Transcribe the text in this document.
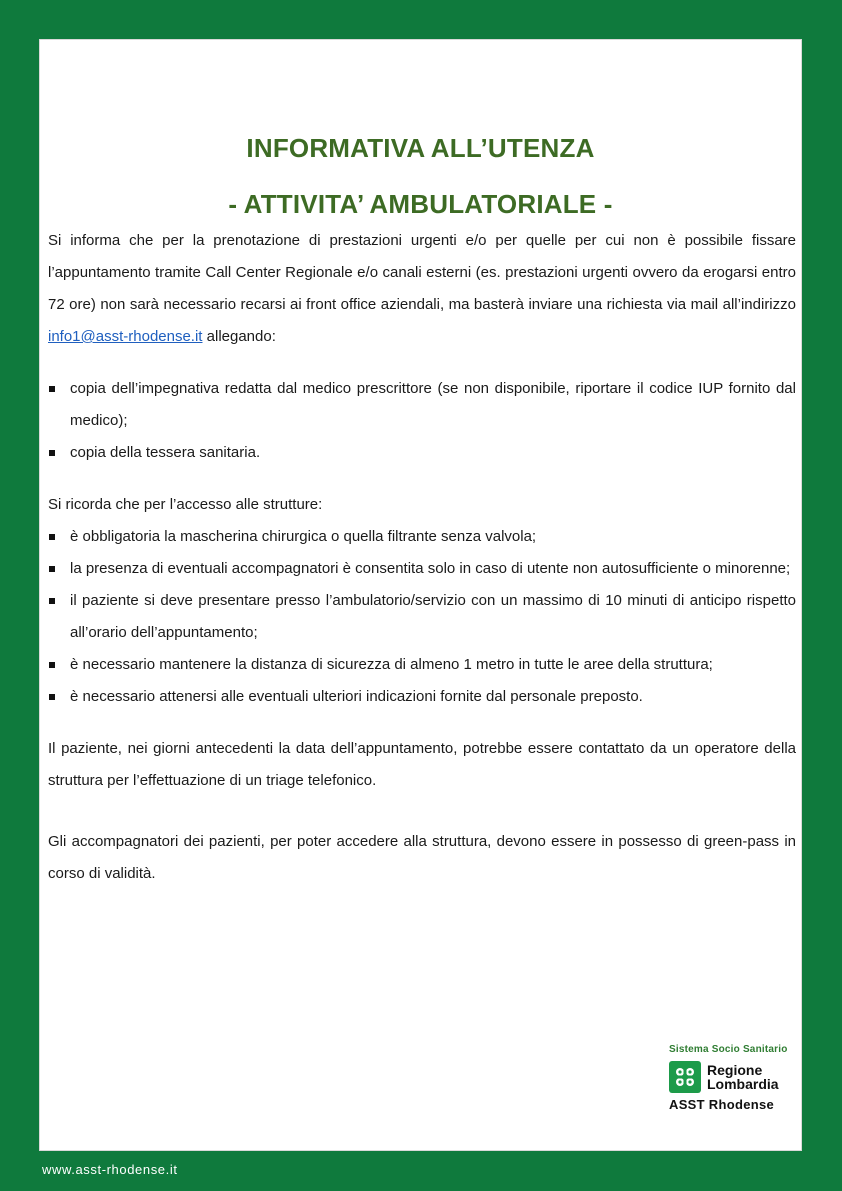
INFORMATIVA ALL’UTENZA
- ATTIVITA’ AMBULATORIALE -

Si informa che per la prenotazione di prestazioni urgenti e/o per quelle per cui non è possibile fissare l’appuntamento tramite Call Center Regionale e/o canali esterni (es. prestazioni urgenti ovvero da erogarsi entro 72 ore) non sarà necessario recarsi ai front office aziendali, ma basterà inviare una richiesta via mail all’indirizzo info1@asst-rhodense.it allegando:

copia dell’impegnativa redatta dal medico prescrittore (se non disponibile, riportare il codice IUP fornito dal medico);
copia della tessera sanitaria.

Si ricorda che per l’accesso alle strutture:

è obbligatoria la mascherina chirurgica o quella filtrante senza valvola;
la presenza di eventuali accompagnatori è consentita solo in caso di utente non autosufficiente o minorenne;
il paziente si deve presentare presso l’ambulatorio/servizio con un massimo di 10 minuti di anticipo rispetto all’orario dell’appuntamento;
è necessario mantenere la distanza di sicurezza di almeno 1 metro in tutte le aree della struttura;
è necessario attenersi alle eventuali ulteriori indicazioni fornite dal personale preposto.

Il paziente, nei giorni antecedenti la data dell’appuntamento, potrebbe essere contattato da un operatore della struttura per l’effettuazione di un triage telefonico.

Gli accompagnatori dei pazienti, per poter accedere alla struttura, devono essere in possesso di green-pass in corso di validità.

Sistema Socio Sanitario
Regione
Lombardia
ASST Rhodense
www.asst-rhodense.it
